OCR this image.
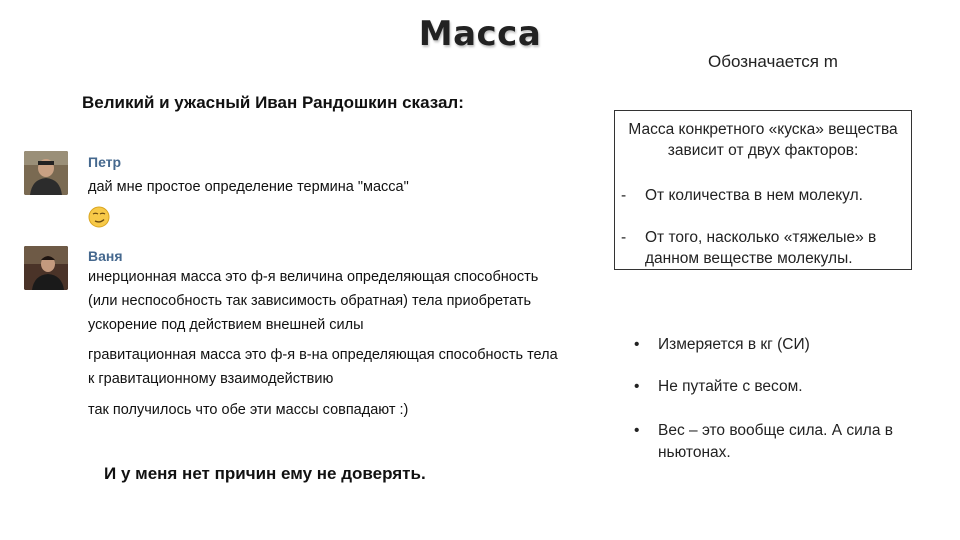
Масса
Обозначается m
Великий и ужасный Иван Рандошкин сказал:
Петр
дай мне простое определение термина "масса"
Ваня
инерционная масса это ф-я величина определяющая способность (или неспособность так зависимость обратная) тела приобретать ускорение под действием внешней силы
гравитационная масса это ф-я в-на определяющая способность тела к гравитационному взаимодействию
так получилось что обе эти массы совпадают :)
И у меня нет причин ему не доверять.
Масса конкретного «куска» вещества зависит от двух факторов:
- От количества в нем молекул.
- От того, насколько «тяжелые» в данном веществе молекулы.
• Измеряется в кг (СИ)
• Не путайте с весом.
• Вес – это вообще сила. А сила в ньютонах.
